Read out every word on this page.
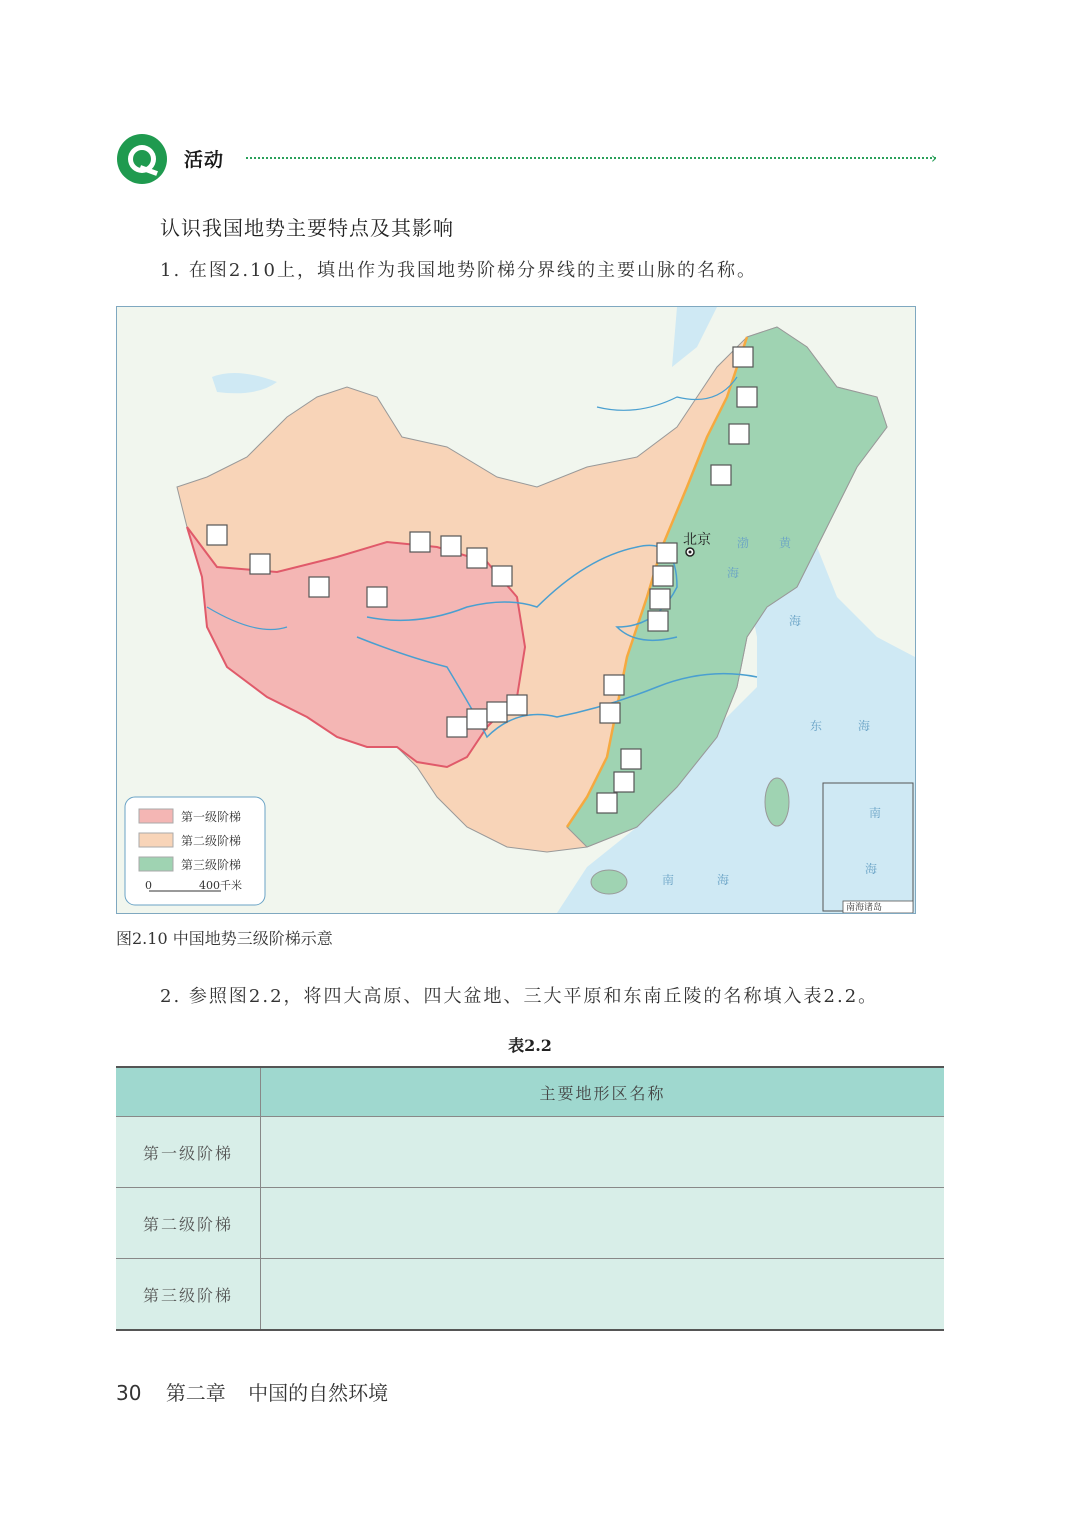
活动	›
认识我国地势主要特点及其影响
1. 在图2.10上，填出作为我国地势阶梯分界线的主要山脉的名称。
北京 渤
海
黄
海
东	海
南	海
南
海
南海诸岛
第一级阶梯
第二级阶梯
第三级阶梯
0	400千米
图2.10 中国地势三级阶梯示意
2. 参照图2.2，将四大高原、四大盆地、三大平原和东南丘陵的名称填入表2.2。
表2.2
	主要地形区名称
第一级阶梯	
第二级阶梯	
第三级阶梯	
30 第二章 中国的自然环境
